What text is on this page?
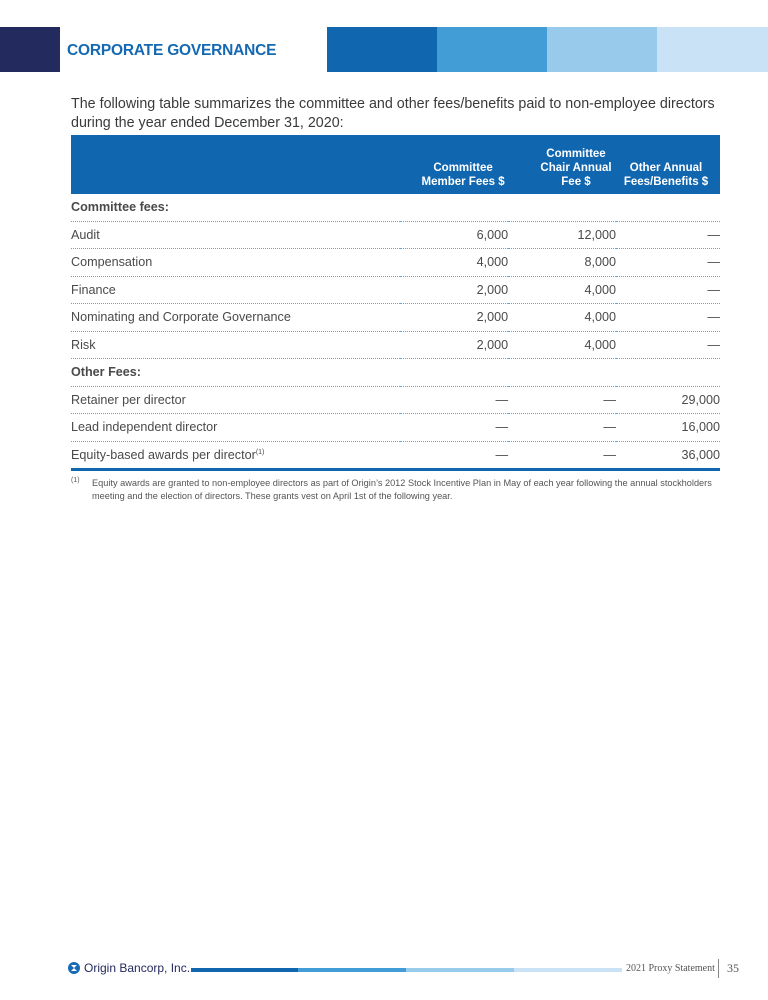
CORPORATE GOVERNANCE
The following table summarizes the committee and other fees/benefits paid to non-employee directors during the year ended December 31, 2020:
	Committee Member Fees $	Committee Chair Annual Fee $	Other Annual Fees/Benefits $
Committee fees:			
Audit	6,000	12,000	—
Compensation	4,000	8,000	—
Finance	2,000	4,000	—
Nominating and Corporate Governance	2,000	4,000	—
Risk	2,000	4,000	—
Other Fees:			
Retainer per director	—	—	29,000
Lead independent director	—	—	16,000
Equity-based awards per director$^{(1)}$	—	—	36,000
(1) Equity awards are granted to non-employee directors as part of Origin’s 2012 Stock Incentive Plan in May of each year following the annual stockholders meeting and the election of directors. These grants vest on April 1st of the following year.
Origin Bancorp, Inc.	2021 Proxy Statement 35
